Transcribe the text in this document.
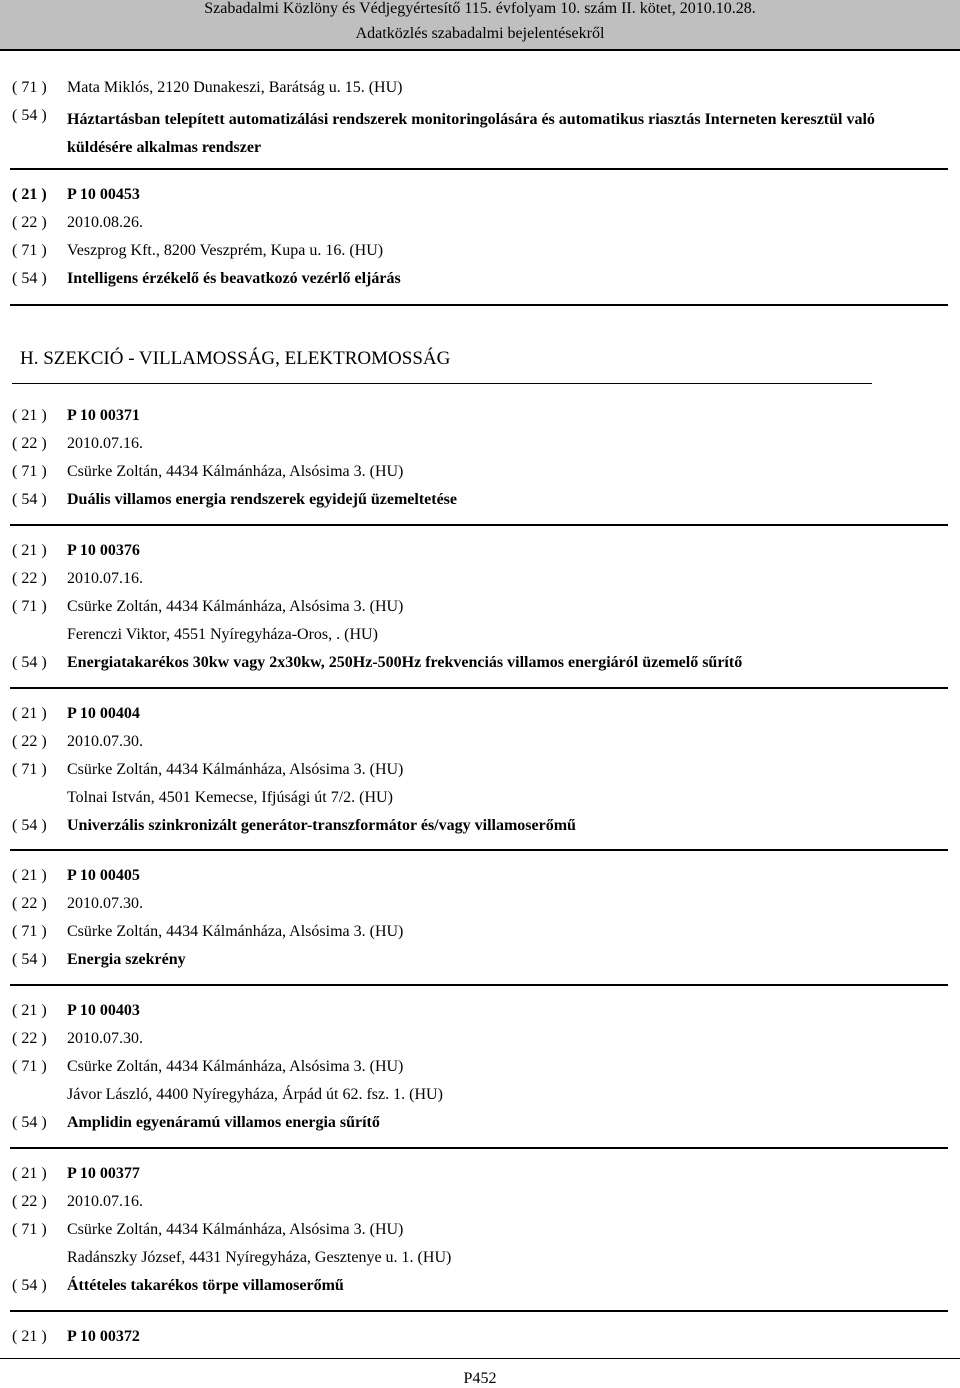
Szabadalmi Közlöny és Védjegyértesítő 115. évfolyam 10. szám II. kötet, 2010.10.28.
Adatközlés szabadalmi bejelentésekről
( 71 ) Mata Miklós, 2120 Dunakeszi, Barátság u. 15. (HU)
( 54 )	Háztartásban telepített automatizálási rendszerek monitoringolására és automatikus riasztás Interneten keresztül való küldésére alkalmas rendszer
( 21 ) P 10 00453
( 22 ) 2010.08.26.
( 71 ) Veszprog Kft., 8200 Veszprém, Kupa u. 16. (HU)
( 54 ) Intelligens érzékelő és beavatkozó vezérlő eljárás
H. SZEKCIÓ - VILLAMOSSÁG, ELEKTROMOSSÁG
( 21 ) P 10 00371
( 22 ) 2010.07.16.
( 71 ) Csürke Zoltán, 4434 Kálmánháza, Alsósima 3. (HU)
( 54 ) Duális villamos energia rendszerek egyidejű üzemeltetése
( 21 ) P 10 00376
( 22 ) 2010.07.16.
( 71 ) Csürke Zoltán, 4434 Kálmánháza, Alsósima 3. (HU)
Ferenczi Viktor, 4551 Nyíregyháza-Oros, . (HU)
( 54 ) Energiatakarékos 30kw vagy 2x30kw, 250Hz-500Hz frekvenciás villamos energiáról üzemelő sűrítő
( 21 ) P 10 00404
( 22 ) 2010.07.30.
( 71 ) Csürke Zoltán, 4434 Kálmánháza, Alsósima 3. (HU)
Tolnai István, 4501 Kemecse, Ifjúsági út 7/2. (HU)
( 54 ) Univerzális szinkronizált generátor-transzformátor és/vagy villamoserőmű
( 21 ) P 10 00405
( 22 ) 2010.07.30.
( 71 ) Csürke Zoltán, 4434 Kálmánháza, Alsósima 3. (HU)
( 54 ) Energia szekrény
( 21 ) P 10 00403
( 22 ) 2010.07.30.
( 71 ) Csürke Zoltán, 4434 Kálmánháza, Alsósima 3. (HU)
Jávor László, 4400 Nyíregyháza, Árpád út 62. fsz. 1. (HU)
( 54 ) Amplidin egyenáramú villamos energia sűrítő
( 21 ) P 10 00377
( 22 ) 2010.07.16.
( 71 ) Csürke Zoltán, 4434 Kálmánháza, Alsósima 3. (HU)
Radánszky József, 4431 Nyíregyháza, Gesztenye u. 1. (HU)
( 54 ) Áttételes takarékos törpe villamoserőmű
( 21 ) P 10 00372
P452
